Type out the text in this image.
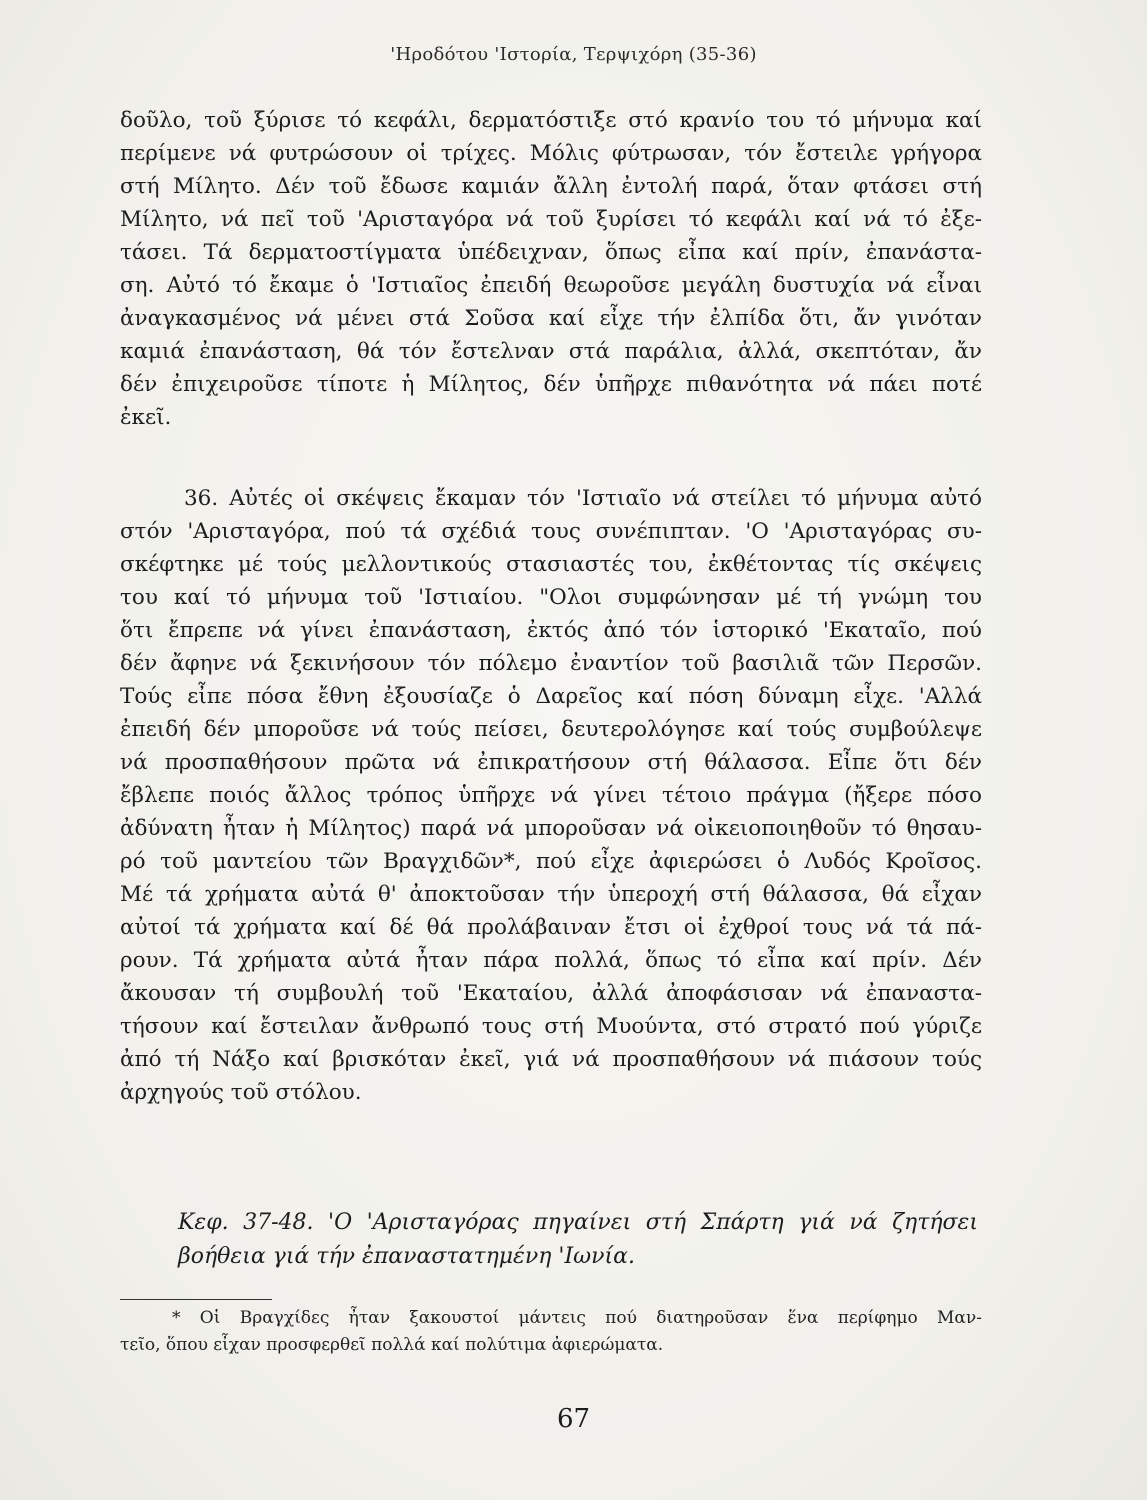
'Ηροδότου 'Ιστορία, Τερψιχόρη (35-36)
δοῦλο, τοῦ ξύρισε τό κεφάλι, δερματόστιξε στό κρανίο του τό μήνυμα καί
περίμενε νά φυτρώσουν οἱ τρίχες. Μόλις φύτρωσαν, τόν ἔστειλε γρήγορα
στή Μίλητο. Δέν τοῦ ἔδωσε καμιάν ἄλλη ἐντολή παρά, ὅταν φτάσει στή
Μίλητο, νά πεῖ τοῦ 'Αρισταγόρα νά τοῦ ξυρίσει τό κεφάλι καί νά τό ἐξε-
τάσει. Τά δερματοστίγματα ὑπέδειχναν, ὅπως εἶπα καί πρίν, ἐπανάστα-
ση. Αὐτό τό ἔκαμε ὁ 'Ιστιαῖος ἐπειδή θεωροῦσε μεγάλη δυστυχία νά εἶναι
ἀναγκασμένος νά μένει στά Σοῦσα καί εἶχε τήν ἐλπίδα ὅτι, ἄν γινόταν
καμιά ἐπανάσταση, θά τόν ἔστελναν στά παράλια, ἀλλά, σκεπτόταν, ἄν
δέν ἐπιχειροῦσε τίποτε ἡ Μίλητος, δέν ὑπῆρχε πιθανότητα νά πάει ποτέ
ἐκεῖ.
36. Αὐτές οἱ σκέψεις ἔκαμαν τόν 'Ιστιαῖο νά στείλει τό μήνυμα αὐτό
στόν 'Αρισταγόρα, πού τά σχέδιά τους συνέπιπταν. 'Ο 'Αρισταγόρας συ-
σκέφτηκε μέ τούς μελλοντικούς στασιαστές του, ἐκθέτοντας τίς σκέψεις
του καί τό μήνυμα τοῦ 'Ιστιαίου. "Ολοι συμφώνησαν μέ τή γνώμη του
ὅτι ἔπρεπε νά γίνει ἐπανάσταση, ἐκτός ἀπό τόν ἱστορικό 'Εκαταῖο, πού
δέν ἄφηνε νά ξεκινήσουν τόν πόλεμο ἐναντίον τοῦ βασιλιᾶ τῶν Περσῶν.
Τούς εἶπε πόσα ἔθνη ἐξουσίαζε ὁ Δαρεῖος καί πόση δύναμη εἶχε. 'Αλλά
ἐπειδή δέν μποροῦσε νά τούς πείσει, δευτερολόγησε καί τούς συμβούλεψε
νά προσπαθήσουν πρῶτα νά ἐπικρατήσουν στή θάλασσα. Εἶπε ὅτι δέν
ἔβλεπε ποιός ἄλλος τρόπος ὑπῆρχε νά γίνει τέτοιο πράγμα (ἤξερε πόσο
ἀδύνατη ἦταν ἡ Μίλητος) παρά νά μποροῦσαν νά οἰκειοποιηθοῦν τό θησαυ-
ρό τοῦ μαντείου τῶν Βραγχιδῶν*, πού εἶχε ἀφιερώσει ὁ Λυδός Κροῖσος.
Μέ τά χρήματα αὐτά θ' ἀποκτοῦσαν τήν ὑπεροχή στή θάλασσα, θά εἶχαν
αὐτοί τά χρήματα καί δέ θά προλάβαιναν ἔτσι οἱ ἐχθροί τους νά τά πά-
ρουν. Τά χρήματα αὐτά ἦταν πάρα πολλά, ὅπως τό εἶπα καί πρίν. Δέν
ἄκουσαν τή συμβουλή τοῦ 'Εκαταίου, ἀλλά ἀποφάσισαν νά ἐπαναστα-
τήσουν καί ἔστειλαν ἄνθρωπό τους στή Μυούντα, στό στρατό πού γύριζε
ἀπό τή Νάξο καί βρισκόταν ἐκεῖ, γιά νά προσπαθήσουν νά πιάσουν τούς
ἀρχηγούς τοῦ στόλου.
Κεφ. 37-48. 'Ο 'Αρισταγόρας πηγαίνει στή Σπάρτη γιά νά ζητήσει
βοήθεια γιά τήν ἐπαναστατημένη 'Ιωνία.
* Οἱ Βραγχίδες ἦταν ξακουστοί μάντεις πού διατηροῦσαν ἕνα περίφημο Μαν-
τεῖο, ὅπου εἶχαν προσφερθεῖ πολλά καί πολύτιμα ἀφιερώματα.
67
